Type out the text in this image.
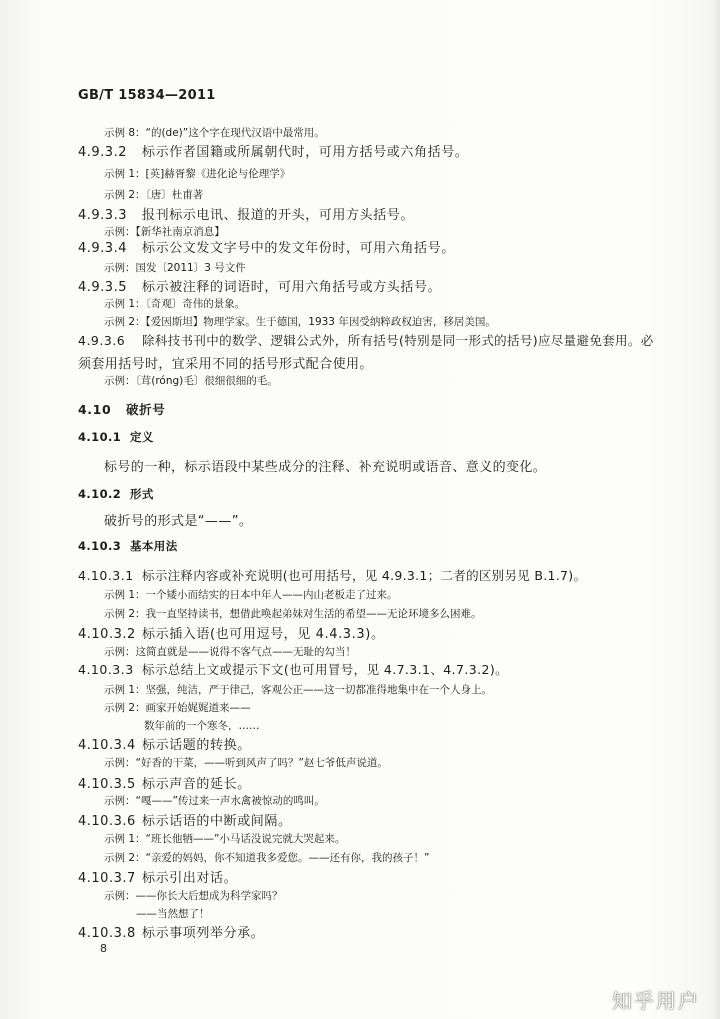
GB/T 15834—2011
示例 8：“的(de)”这个字在现代汉语中最常用。
4.9.3.2 标示作者国籍或所属朝代时，可用方括号或六角括号。
示例 1：[英]赫胥黎《进化论与伦理学》
示例 2：〔唐〕杜甫著
4.9.3.3 报刊标示电讯、报道的开头，可用方头括号。
示例：【新华社南京消息】
4.9.3.4 标示公文发文字号中的发文年份时，可用六角括号。
示例：国发〔2011〕3 号文件
4.9.3.5 标示被注释的词语时，可用六角括号或方头括号。
示例 1：〔奇观〕奇伟的景象。
示例 2：【爱因斯坦】物理学家。生于德国，1933 年因受纳粹政权迫害，移居美国。
4.9.3.6 除科技书刊中的数学、逻辑公式外，所有括号(特别是同一形式的括号)应尽量避免套用。必
须套用括号时，宜采用不同的括号形式配合使用。
示例：〔茸(róng)毛〕很细很细的毛。
4.10 破折号
4.10.1 定义
标号的一种，标示语段中某些成分的注释、补充说明或语音、意义的变化。
4.10.2 形式
破折号的形式是“——”。
4.10.3 基本用法
4.10.3.1 标示注释内容或补充说明(也可用括号，见 4.9.3.1；二者的区别另见 B.1.7)。
示例 1：一个矮小而结实的日本中年人——内山老板走了过来。
示例 2：我一直坚持读书，想借此唤起弟妹对生活的希望——无论环境多么困难。
4.10.3.2 标示插入语(也可用逗号，见 4.4.3.3)。
示例：这简直就是——说得不客气点——无耻的勾当！
4.10.3.3 标示总结上文或提示下文(也可用冒号，见 4.7.3.1、4.7.3.2)。
示例 1：坚强，纯洁，严于律己，客观公正——这一切都准得地集中在一个人身上。
示例 2：画家开始娓娓道来——
数年前的一个寒冬，……
4.10.3.4 标示话题的转换。
示例：“好香的干菜，——听到风声了吗？”赵七爷低声说道。
4.10.3.5 标示声音的延长。
示例：“嘎——”传过来一声水禽被惊动的鸣叫。
4.10.3.6 标示话语的中断或间隔。
示例 1：“班长他牺——”小马话没说完就大哭起来。
示例 2：“亲爱的妈妈，你不知道我多爱您。——还有你，我的孩子！”
4.10.3.7 标示引出对话。
示例：——你长大后想成为科学家吗？
——当然想了！
4.10.3.8 标示事项列举分承。
8
知乎用户
